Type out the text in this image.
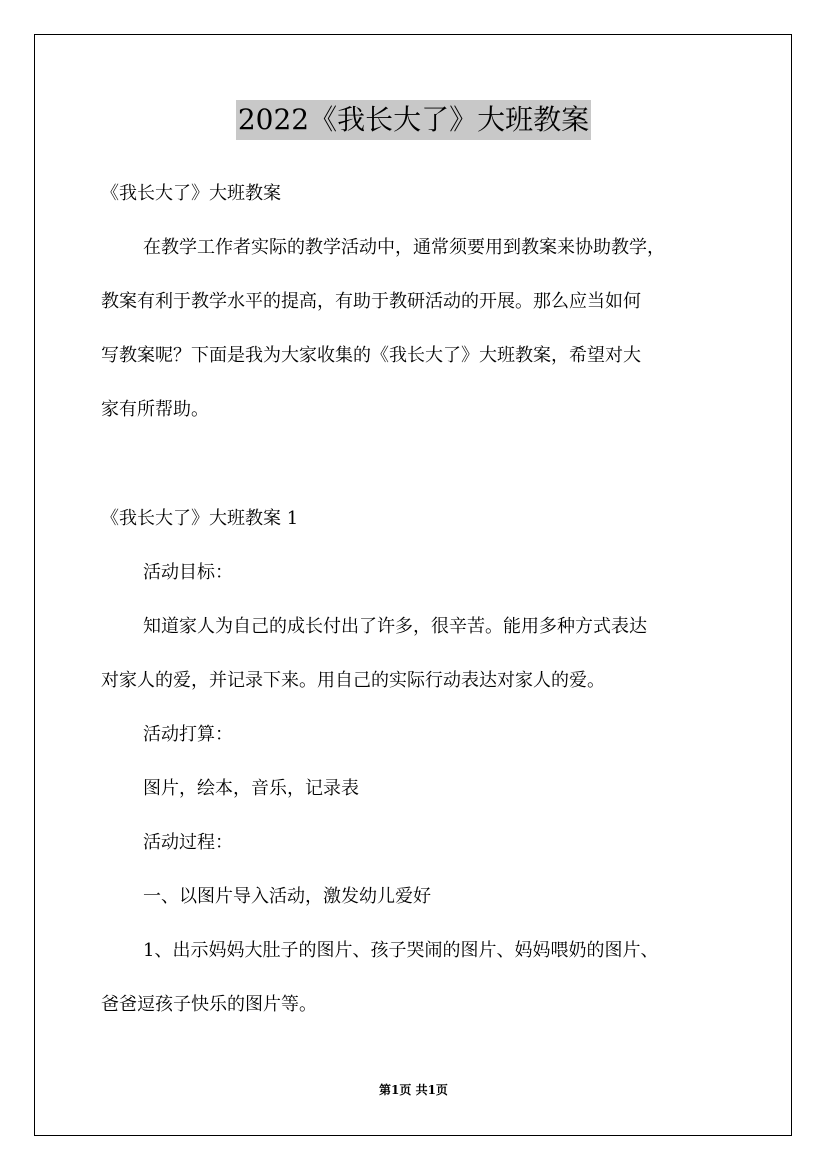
2022《我长大了》大班教案
《我长大了》大班教案
在教学工作者实际的教学活动中，通常须要用到教案来协助教学，
教案有利于教学水平的提高，有助于教研活动的开展。那么应当如何
写教案呢？下面是我为大家收集的《我长大了》大班教案，希望对大
家有所帮助。
《我长大了》大班教案 1
活动目标：
知道家人为自己的成长付出了许多，很辛苦。能用多种方式表达
对家人的爱，并记录下来。用自己的实际行动表达对家人的爱。
活动打算：
图片，绘本，音乐，记录表
活动过程：
一、以图片导入活动，激发幼儿爱好
1、出示妈妈大肚子的图片、孩子哭闹的图片、妈妈喂奶的图片、
爸爸逗孩子快乐的图片等。
第1页 共1页
